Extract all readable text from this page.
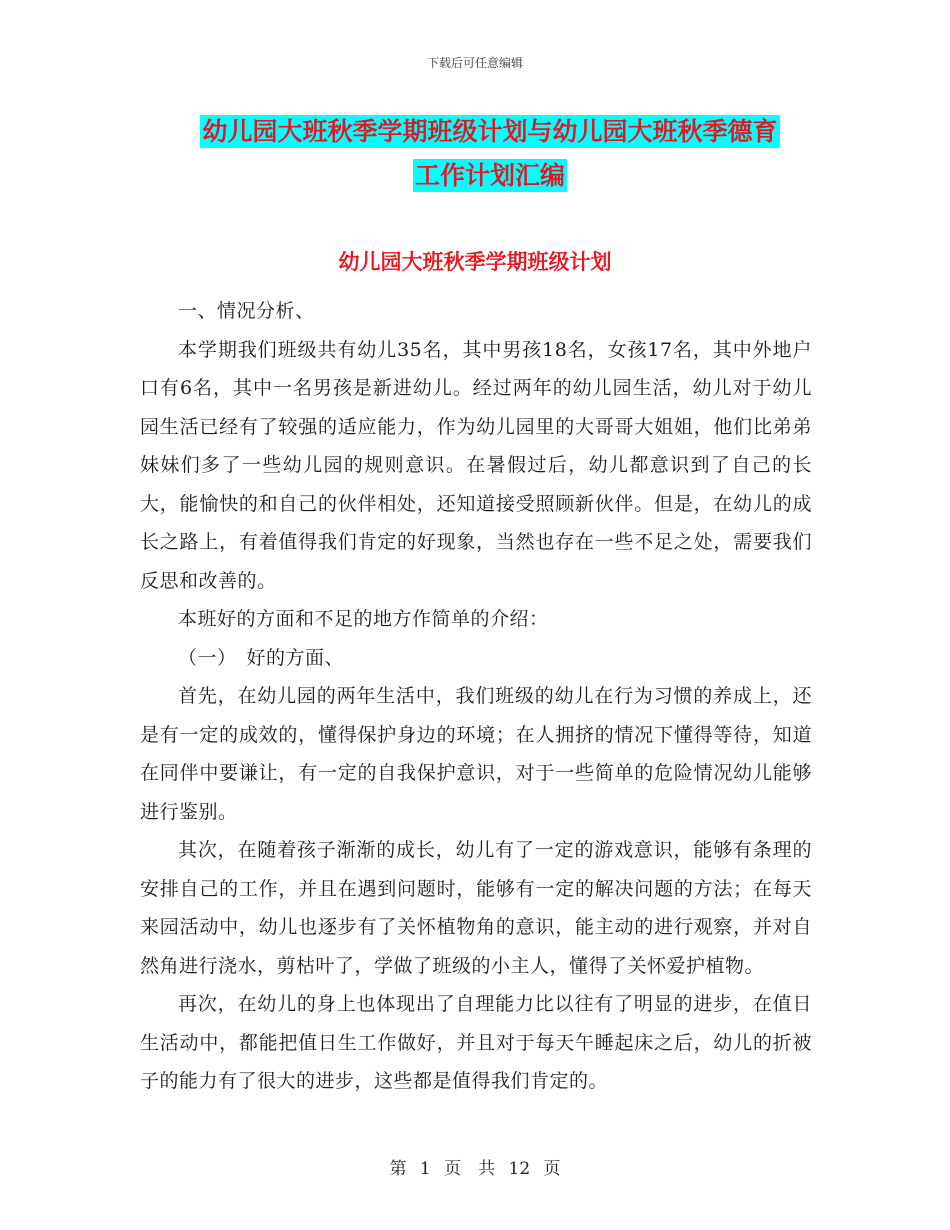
下载后可任意编辑
幼儿园大班秋季学期班级计划与幼儿园大班秋季德育
工作计划汇编
幼儿园大班秋季学期班级计划

一、情况分析、

本学期我们班级共有幼儿35名，其中男孩18名，女孩17名，其中外地户口有6名，其中一名男孩是新进幼儿。经过两年的幼儿园生活，幼儿对于幼儿园生活已经有了较强的适应能力，作为幼儿园里的大哥哥大姐姐，他们比弟弟妹妹们多了一些幼儿园的规则意识。在暑假过后，幼儿都意识到了自己的长大，能愉快的和自己的伙伴相处，还知道接受照顾新伙伴。但是，在幼儿的成长之路上，有着值得我们肯定的好现象，当然也存在一些不足之处，需要我们反思和改善的。

本班好的方面和不足的地方作简单的介绍：

（一）　好的方面、

首先，在幼儿园的两年生活中，我们班级的幼儿在行为习惯的养成上，还是有一定的成效的，懂得保护身边的环境；在人拥挤的情况下懂得等待，知道在同伴中要谦让，有一定的自我保护意识，对于一些简单的危险情况幼儿能够进行鉴别。

其次，在随着孩子渐渐的成长，幼儿有了一定的游戏意识，能够有条理的安排自己的工作，并且在遇到问题时，能够有一定的解决问题的方法；在每天来园活动中，幼儿也逐步有了关怀植物角的意识，能主动的进行观察，并对自然角进行浇水，剪枯叶了，学做了班级的小主人，懂得了关怀爱护植物。

再次，在幼儿的身上也体现出了自理能力比以往有了明显的进步，在值日生活动中，都能把值日生工作做好，并且对于每天午睡起床之后，幼儿的折被子的能力有了很大的进步，这些都是值得我们肯定的。

第 1 页　共 12 页
